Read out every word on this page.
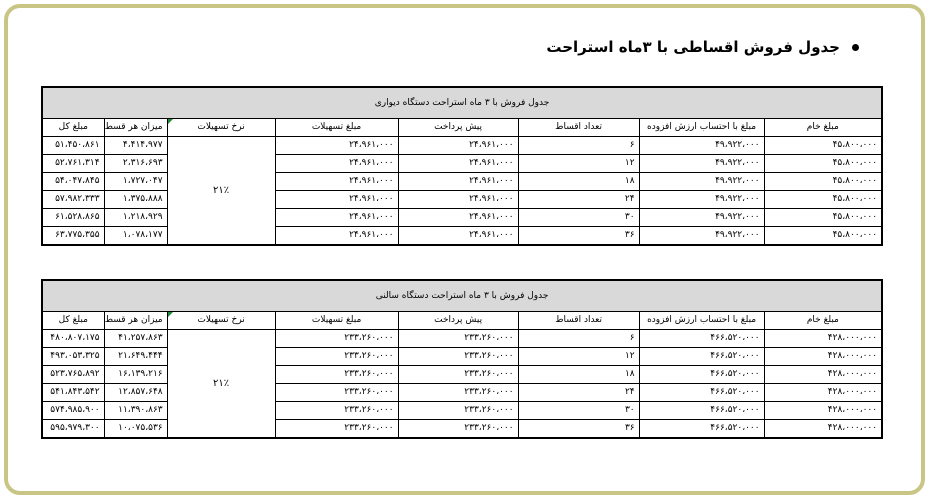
جدول فروش اقساطی با ۳ماه استراحت
جدول فروش با ۳ ماه استراحت دستگاه دیواری							
مبلغ خام	مبلغ با احتساب ارزش افزوده	تعداد اقساط	پیش پرداخت	مبلغ تسهیلات	نرخ تسهیلات	میزان هر قسط	مبلغ کل
۴۵،۸۰۰،۰۰۰	۴۹،۹۲۲،۰۰۰	۶	۲۴،۹۶۱،۰۰۰	۲۴،۹۶۱،۰۰۰	۲۱٪	۴،۴۱۴،۹۷۷	۵۱،۴۵۰،۸۶۱
۴۵،۸۰۰،۰۰۰	۴۹،۹۲۲،۰۰۰	۱۲	۲۴،۹۶۱،۰۰۰	۲۴،۹۶۱،۰۰۰		۲،۳۱۶،۶۹۳	۵۲،۷۶۱،۳۱۴
۴۵،۸۰۰،۰۰۰	۴۹،۹۲۲،۰۰۰	۱۸	۲۴،۹۶۱،۰۰۰	۲۴،۹۶۱،۰۰۰		۱،۷۲۷،۰۴۷	۵۴،۰۴۷،۸۴۵
۴۵،۸۰۰،۰۰۰	۴۹،۹۲۲،۰۰۰	۲۴	۲۴،۹۶۱،۰۰۰	۲۴،۹۶۱،۰۰۰		۱،۳۷۵،۸۸۸	۵۷،۹۸۲،۳۳۳
۴۵،۸۰۰،۰۰۰	۴۹،۹۲۲،۰۰۰	۳۰	۲۴،۹۶۱،۰۰۰	۲۴،۹۶۱،۰۰۰		۱،۲۱۸،۹۲۹	۶۱،۵۲۸،۸۶۵
۴۵،۸۰۰،۰۰۰	۴۹،۹۲۲،۰۰۰	۳۶	۲۴،۹۶۱،۰۰۰	۲۴،۹۶۱،۰۰۰		۱،۰۷۸،۱۷۷	۶۳،۷۷۵،۳۵۵
جدول فروش با ۳ ماه استراحت دستگاه سالنی							
مبلغ خام	مبلغ با احتساب ارزش افزوده	تعداد اقساط	پیش پرداخت	مبلغ تسهیلات	نرخ تسهیلات	میزان هر قسط	مبلغ کل
۴۲۸،۰۰۰،۰۰۰	۴۶۶،۵۲۰،۰۰۰	۶	۲۳۳،۲۶۰،۰۰۰	۲۳۳،۲۶۰،۰۰۰	۲۱٪	۴۱،۲۵۷،۸۶۳	۴۸۰،۸۰۷،۱۷۵
۴۲۸،۰۰۰،۰۰۰	۴۶۶،۵۲۰،۰۰۰	۱۲	۲۳۳،۲۶۰،۰۰۰	۲۳۳،۲۶۰،۰۰۰		۲۱،۶۴۹،۴۴۴	۴۹۳،۰۵۳،۳۲۵
۴۲۸،۰۰۰،۰۰۰	۴۶۶،۵۲۰،۰۰۰	۱۸	۲۳۳،۲۶۰،۰۰۰	۲۳۳،۲۶۰،۰۰۰		۱۶،۱۳۹،۲۱۶	۵۲۳،۷۶۵،۸۹۲
۴۲۸،۰۰۰،۰۰۰	۴۶۶،۵۲۰،۰۰۰	۲۴	۲۳۳،۲۶۰،۰۰۰	۲۳۳،۲۶۰،۰۰۰		۱۲،۸۵۷،۶۴۸	۵۴۱،۸۴۳،۵۴۲
۴۲۸،۰۰۰،۰۰۰	۴۶۶،۵۲۰،۰۰۰	۳۰	۲۳۳،۲۶۰،۰۰۰	۲۳۳،۲۶۰،۰۰۰		۱۱،۳۹۰،۸۶۳	۵۷۴،۹۸۵،۹۰۰
۴۲۸،۰۰۰،۰۰۰	۴۶۶،۵۲۰،۰۰۰	۳۶	۲۳۳،۲۶۰،۰۰۰	۲۳۳،۲۶۰،۰۰۰		۱۰،۰۷۵،۵۳۶	۵۹۵،۹۷۹،۳۰۰
